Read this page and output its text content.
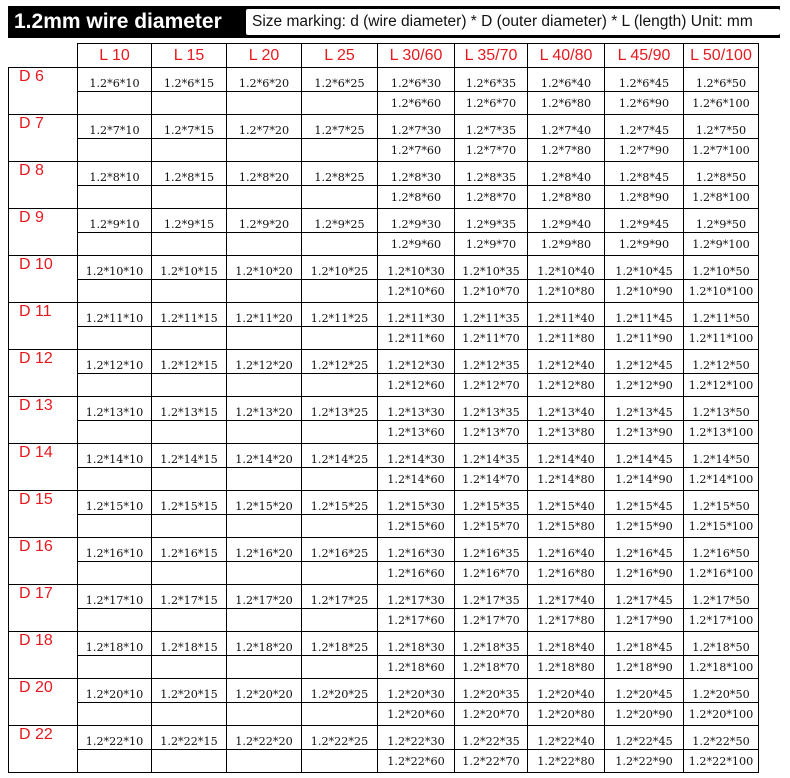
1.2mm wire diameter	Size marking: d (wire diameter) * D (outer diameter) * L (length) Unit: mm
	L 10	L 15	L 20	L 25	L 30/60	L 35/70	L 40/80	L 45/90	L 50/100
D 6	1.2*6*10	1.2*6*15	1.2*6*20	1.2*6*25	1.2*6*30	1.2*6*35	1.2*6*40	1.2*6*45	1.2*6*50
					1.2*6*60	1.2*6*70	1.2*6*80	1.2*6*90	1.2*6*100
D 7	1.2*7*10	1.2*7*15	1.2*7*20	1.2*7*25	1.2*7*30	1.2*7*35	1.2*7*40	1.2*7*45	1.2*7*50
					1.2*7*60	1.2*7*70	1.2*7*80	1.2*7*90	1.2*7*100
D 8	1.2*8*10	1.2*8*15	1.2*8*20	1.2*8*25	1.2*8*30	1.2*8*35	1.2*8*40	1.2*8*45	1.2*8*50
					1.2*8*60	1.2*8*70	1.2*8*80	1.2*8*90	1.2*8*100
D 9	1.2*9*10	1.2*9*15	1.2*9*20	1.2*9*25	1.2*9*30	1.2*9*35	1.2*9*40	1.2*9*45	1.2*9*50
					1.2*9*60	1.2*9*70	1.2*9*80	1.2*9*90	1.2*9*100
D 10	1.2*10*10	1.2*10*15	1.2*10*20	1.2*10*25	1.2*10*30	1.2*10*35	1.2*10*40	1.2*10*45	1.2*10*50
					1.2*10*60	1.2*10*70	1.2*10*80	1.2*10*90	1.2*10*100
D 11	1.2*11*10	1.2*11*15	1.2*11*20	1.2*11*25	1.2*11*30	1.2*11*35	1.2*11*40	1.2*11*45	1.2*11*50
					1.2*11*60	1.2*11*70	1.2*11*80	1.2*11*90	1.2*11*100
D 12	1.2*12*10	1.2*12*15	1.2*12*20	1.2*12*25	1.2*12*30	1.2*12*35	1.2*12*40	1.2*12*45	1.2*12*50
					1.2*12*60	1.2*12*70	1.2*12*80	1.2*12*90	1.2*12*100
D 13	1.2*13*10	1.2*13*15	1.2*13*20	1.2*13*25	1.2*13*30	1.2*13*35	1.2*13*40	1.2*13*45	1.2*13*50
					1.2*13*60	1.2*13*70	1.2*13*80	1.2*13*90	1.2*13*100
D 14	1.2*14*10	1.2*14*15	1.2*14*20	1.2*14*25	1.2*14*30	1.2*14*35	1.2*14*40	1.2*14*45	1.2*14*50
					1.2*14*60	1.2*14*70	1.2*14*80	1.2*14*90	1.2*14*100
D 15	1.2*15*10	1.2*15*15	1.2*15*20	1.2*15*25	1.2*15*30	1.2*15*35	1.2*15*40	1.2*15*45	1.2*15*50
					1.2*15*60	1.2*15*70	1.2*15*80	1.2*15*90	1.2*15*100
D 16	1.2*16*10	1.2*16*15	1.2*16*20	1.2*16*25	1.2*16*30	1.2*16*35	1.2*16*40	1.2*16*45	1.2*16*50
					1.2*16*60	1.2*16*70	1.2*16*80	1.2*16*90	1.2*16*100
D 17	1.2*17*10	1.2*17*15	1.2*17*20	1.2*17*25	1.2*17*30	1.2*17*35	1.2*17*40	1.2*17*45	1.2*17*50
					1.2*17*60	1.2*17*70	1.2*17*80	1.2*17*90	1.2*17*100
D 18	1.2*18*10	1.2*18*15	1.2*18*20	1.2*18*25	1.2*18*30	1.2*18*35	1.2*18*40	1.2*18*45	1.2*18*50
					1.2*18*60	1.2*18*70	1.2*18*80	1.2*18*90	1.2*18*100
D 20	1.2*20*10	1.2*20*15	1.2*20*20	1.2*20*25	1.2*20*30	1.2*20*35	1.2*20*40	1.2*20*45	1.2*20*50
					1.2*20*60	1.2*20*70	1.2*20*80	1.2*20*90	1.2*20*100
D 22	1.2*22*10	1.2*22*15	1.2*22*20	1.2*22*25	1.2*22*30	1.2*22*35	1.2*22*40	1.2*22*45	1.2*22*50
					1.2*22*60	1.2*22*70	1.2*22*80	1.2*22*90	1.2*22*100
